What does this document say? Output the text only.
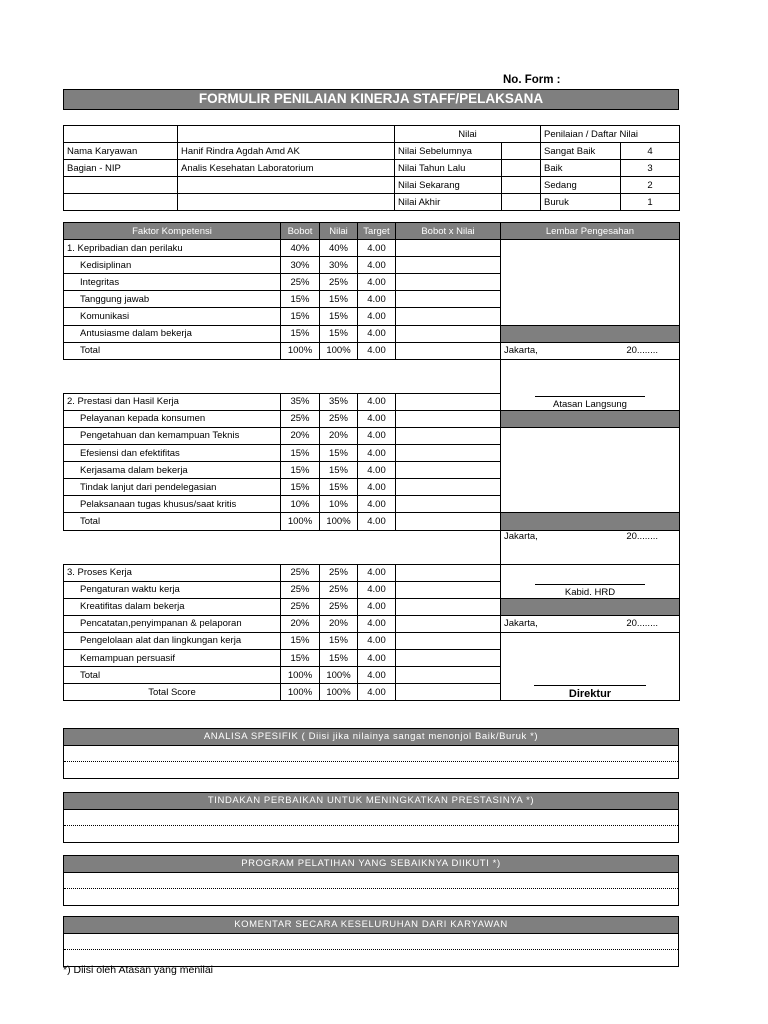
No. Form :
FORMULIR PENILAIAN KINERJA STAFF/PELAKSANA
		Nilai		Penilaian / Daftar Nilai	
Nama Karyawan	Hanif Rindra Agdah Amd AK	Nilai Sebelumnya		Sangat Baik	4
Bagian - NIP	Analis Kesehatan Laboratorium	Nilai Tahun Lalu		Baik	3
		Nilai Sekarang		Sedang	2
		Nilai Akhir		Buruk	1
Faktor Kompetensi	Bobot	Nilai	Target	Bobot x Nilai	Lembar Pengesahan
1. Kepribadian dan perilaku	40%	40%	4.00		
Kedisiplinan	30%	30%	4.00		
Integritas	25%	25%	4.00		
Tanggung jawab	15%	15%	4.00		
Komunikasi	15%	15%	4.00		
Antusiasme dalam bekerja	15%	15%	4.00		
Total	100%	100%	4.00		Jakarta, 20........

					Atasan Langsung
2. Prestasi dan Hasil Kerja	35%	35%	4.00		
Pelayanan kepada konsumen	25%	25%	4.00		
Pengetahuan dan kemampuan Teknis	20%	20%	4.00		
Efesiensi dan efektifitas	15%	15%	4.00		
Kerjasama dalam bekerja	15%	15%	4.00		
Tindak lanjut dari pendelegasian	15%	15%	4.00		
Pelaksanaan tugas khusus/saat kritis	10%	10%	4.00		
Total	100%	100%	4.00		
					Jakarta, 20........

3. Proses Kerja	25%	25%	4.00		Kabid. HRD
Pengaturan waktu kerja	25%	25%	4.00		
Kreatifitas dalam bekerja	25%	25%	4.00		
Pencatatan,penyimpanan & pelaporan	20%	20%	4.00		Jakarta, 20........

Pengelolaan alat dan lingkungan kerja	15%	15%	4.00		Direktur
Kemampuan persuasif	15%	15%	4.00		
Total	100%	100%	4.00		
Total Score	100%	100%	4.00		
ANALISA SPESIFIK ( Diisi jika nilainya sangat menonjol Baik/Buruk *)
TINDAKAN PERBAIKAN UNTUK MENINGKATKAN PRESTASINYA *)
PROGRAM PELATIHAN YANG SEBAIKNYA DIIKUTI *)
KOMENTAR SECARA KESELURUHAN DARI KARYAWAN
*) Diisi oleh Atasan yang menilai
